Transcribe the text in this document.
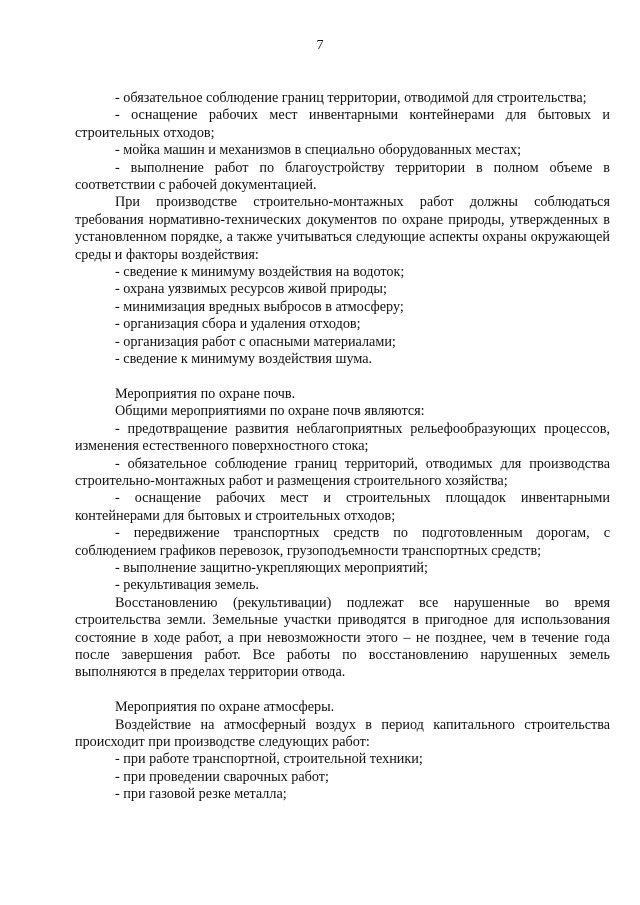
7

- обязательное соблюдение границ территории, отводимой для строительства;

- оснащение рабочих мест инвентарными контейнерами для бытовых и строительных отходов;

- мойка машин и механизмов в специально оборудованных местах;

- выполнение работ по благоустройству территории в полном объеме в соответствии с рабочей документацией.

При производстве строительно-монтажных работ должны соблюдаться требования нормативно-технических документов по охране природы, утвержденных в установленном порядке, а также учитываться следующие аспекты охраны окружающей среды и факторы воздействия:

- сведение к минимуму воздействия на водоток;

- охрана уязвимых ресурсов живой природы;

- минимизация вредных выбросов в атмосферу;

- организация сбора и удаления отходов;

- организация работ с опасными материалами;

- сведение к минимуму воздействия шума.

Мероприятия по охране почв.

Общими мероприятиями по охране почв являются:

- предотвращение развития неблагоприятных рельефообразующих процессов, изменения естественного поверхностного стока;

- обязательное соблюдение границ территорий, отводимых для производства строительно-монтажных работ и размещения строительного хозяйства;

- оснащение рабочих мест и строительных площадок инвентарными контейнерами для бытовых и строительных отходов;

- передвижение транспортных средств по подготовленным дорогам, с соблюдением графиков перевозок, грузоподъемности транспортных средств;

- выполнение защитно-укрепляющих мероприятий;

- рекультивация земель.

Восстановлению (рекультивации) подлежат все нарушенные во время строительства земли. Земельные участки приводятся в пригодное для использования состояние в ходе работ, а при невозможности этого – не позднее, чем в течение года после завершения работ. Все работы по восстановлению нарушенных земель выполняются в пределах территории отвода.

Мероприятия по охране атмосферы.

Воздействие на атмосферный воздух в период капитального строительства происходит при производстве следующих работ:

- при работе транспортной, строительной техники;

- при проведении сварочных работ;

- при газовой резке металла;
